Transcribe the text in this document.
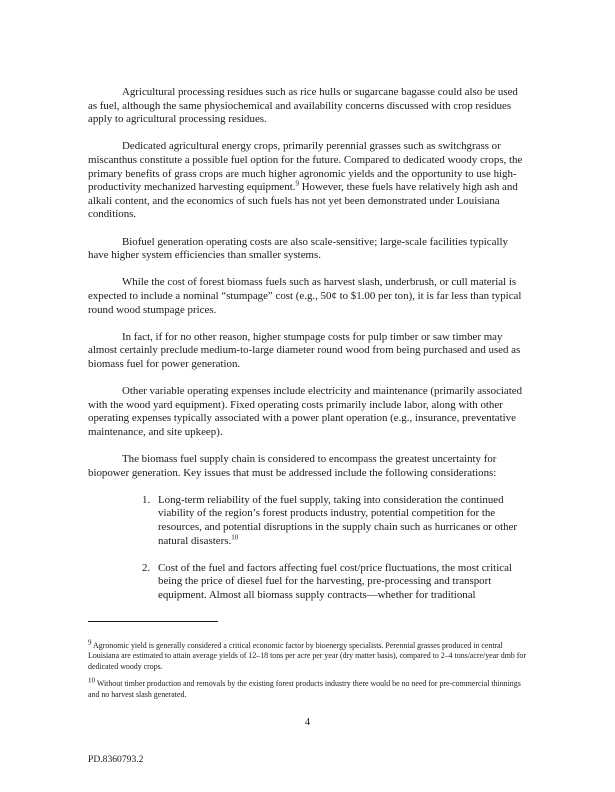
Agricultural processing residues such as rice hulls or sugarcane bagasse could also be used as fuel, although the same physiochemical and availability concerns discussed with crop residues apply to agricultural processing residues.

Dedicated agricultural energy crops, primarily perennial grasses such as switchgrass or miscanthus constitute a possible fuel option for the future. Compared to dedicated woody crops, the primary benefits of grass crops are much higher agronomic yields and the opportunity to use high-productivity mechanized harvesting equipment.$^9$ However, these fuels have relatively high ash and alkali content, and the economics of such fuels has not yet been demonstrated under Louisiana conditions.

Biofuel generation operating costs are also scale-sensitive; large-scale facilities typically have higher system efficiencies than smaller systems.

While the cost of forest biomass fuels such as harvest slash, underbrush, or cull material is expected to include a nominal “stumpage” cost (e.g., 50¢ to $1.00 per ton), it is far less than typical round wood stumpage prices.

In fact, if for no other reason, higher stumpage costs for pulp timber or saw timber may almost certainly preclude medium-to-large diameter round wood from being purchased and used as biomass fuel for power generation.

Other variable operating expenses include electricity and maintenance (primarily associated with the wood yard equipment). Fixed operating costs primarily include labor, along with other operating expenses typically associated with a power plant operation (e.g., insurance, preventative maintenance, and site upkeep).

The biomass fuel supply chain is considered to encompass the greatest uncertainty for biopower generation. Key issues that must be addressed include the following considerations:

1. Long-term reliability of the fuel supply, taking into consideration the continued viability of the region’s forest products industry, potential competition for the resources, and potential disruptions in the supply chain such as hurricanes or other natural disasters.$^{10}$
2. Cost of the fuel and factors affecting fuel cost/price fluctuations, the most critical being the price of diesel fuel for the harvesting, pre-processing and transport equipment. Almost all biomass supply contracts—whether for traditional

$^9$ Agronomic yield is generally considered a critical economic factor by bioenergy specialists. Perennial grasses produced in central Louisiana are estimated to attain average yields of 12–18 tons per acre per year (dry matter basis), compared to 2–4 tons/acre/year dmb for dedicated woody crops.

$^{10}$ Without timber production and removals by the existing forest products industry there would be no need for pre-commercial thinnings and no harvest slash generated.

4
PD.8360793.2
